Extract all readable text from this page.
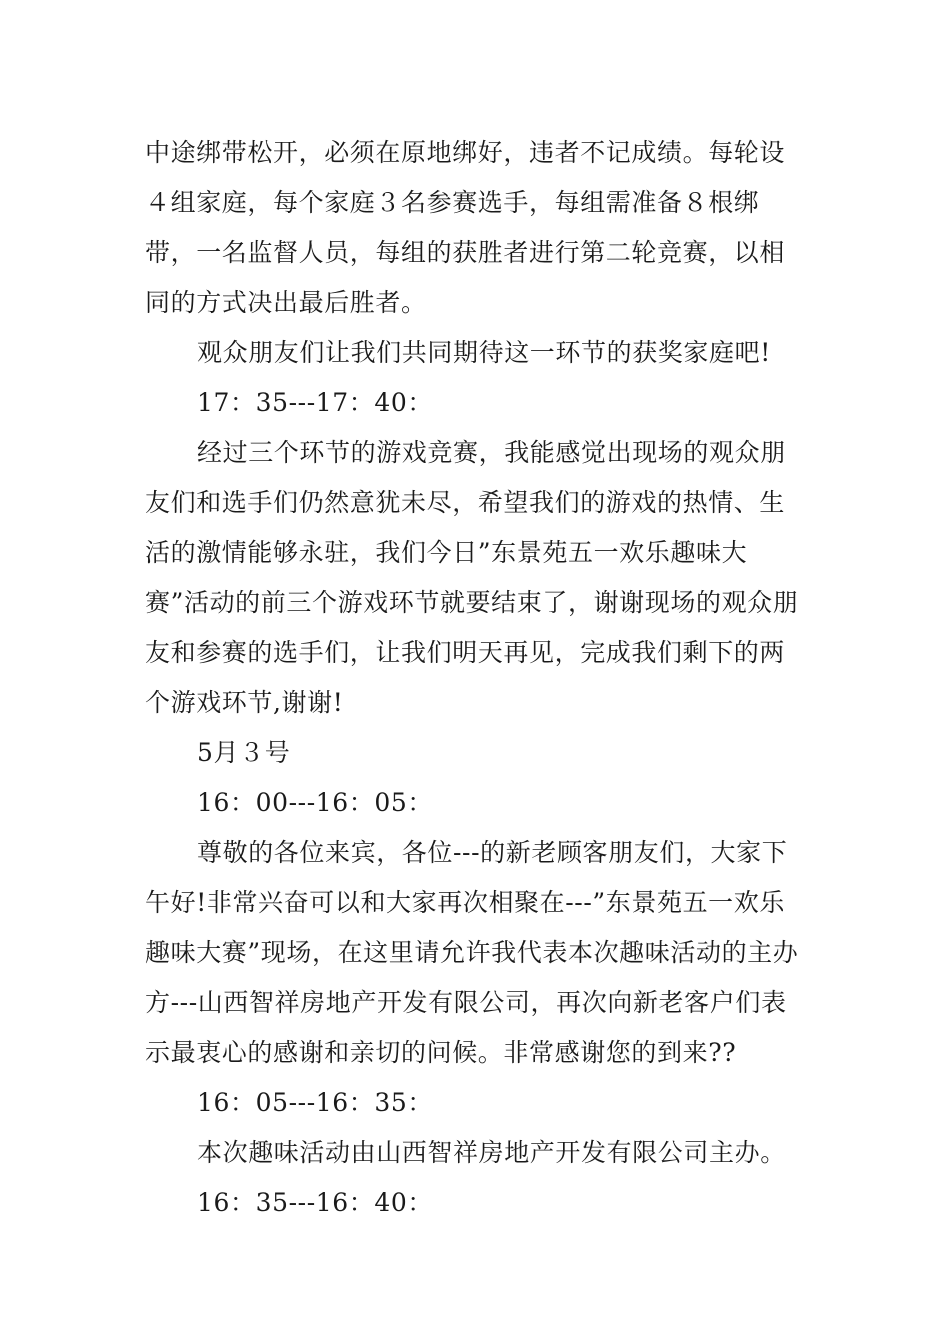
中途绑带松开，必须在原地绑好，违者不记成绩。每轮设４组家庭，每个家庭３名参赛选手，每组需准备８根绑带，一名监督人员，每组的获胜者进行第二轮竞赛，以相同的方式决出最后胜者。

观众朋友们让我们共同期待这一环节的获奖家庭吧!

17：35---17：40：

经过三个环节的游戏竞赛，我能感觉出现场的观众朋友们和选手们仍然意犹未尽，希望我们的游戏的热情、生活的激情能够永驻，我们今日”东景苑五一欢乐趣味大赛”活动的前三个游戏环节就要结束了，谢谢现场的观众朋友和参赛的选手们，让我们明天再见，完成我们剩下的两个游戏环节,谢谢!

5月３号

16：00---16：05：

尊敬的各位来宾，各位---的新老顾客朋友们，大家下午好!非常兴奋可以和大家再次相聚在---”东景苑五一欢乐趣味大赛”现场，在这里请允许我代表本次趣味活动的主办方---山西智祥房地产开发有限公司，再次向新老客户们表示最衷心的感谢和亲切的问候。非常感谢您的到来??

16：05---16：35：

本次趣味活动由山西智祥房地产开发有限公司主办。

16：35---16：40：
